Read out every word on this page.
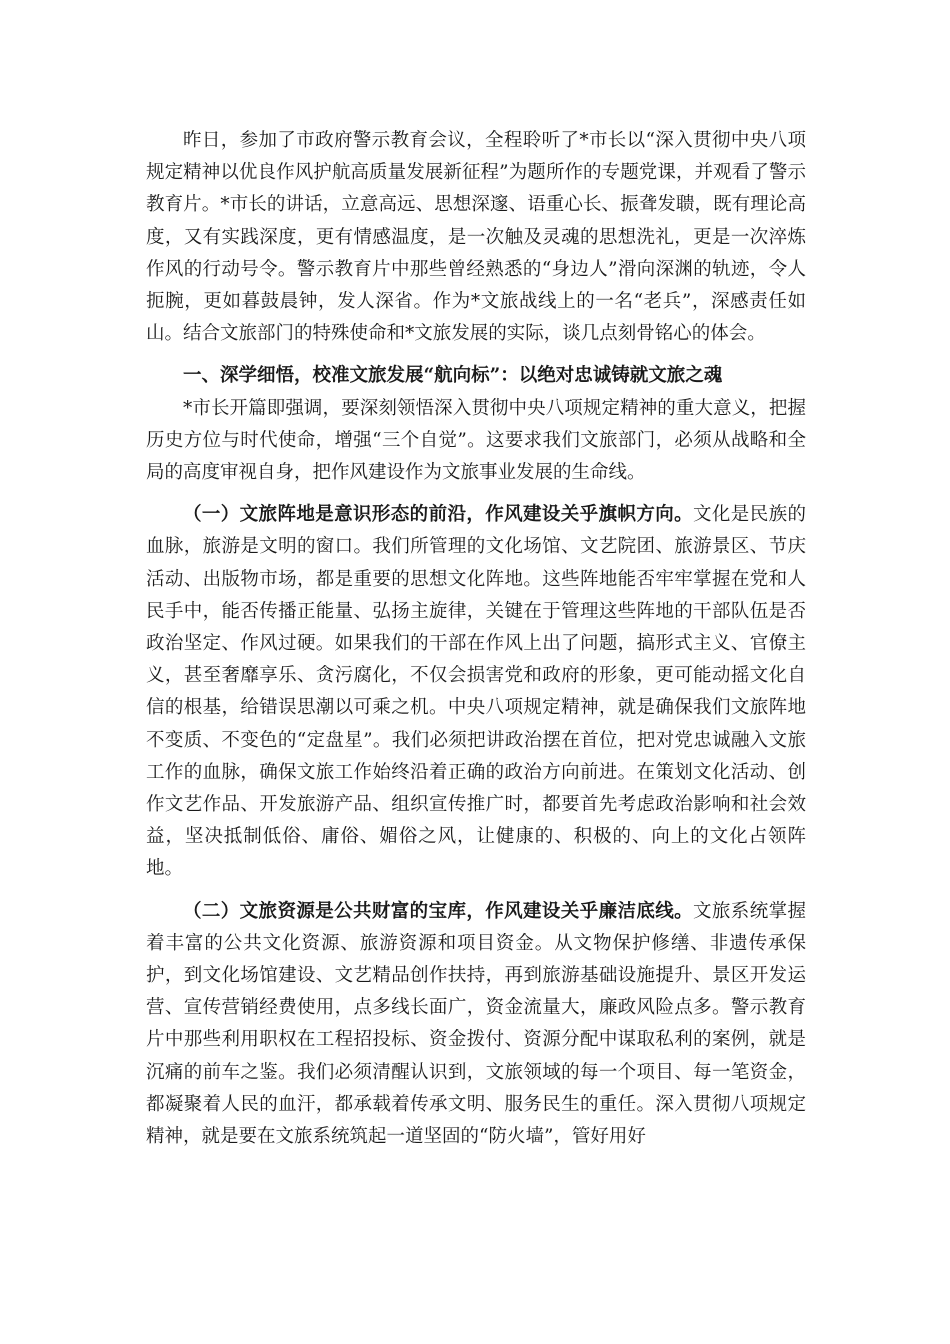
昨日，参加了市政府警示教育会议，全程聆听了*市长以“深入贯彻中央八项规定精神以优良作风护航高质量发展新征程”为题所作的专题党课，并观看了警示教育片。*市长的讲话，立意高远、思想深邃、语重心长、振聋发聩，既有理论高度，又有实践深度，更有情感温度，是一次触及灵魂的思想洗礼，更是一次淬炼作风的行动号令。警示教育片中那些曾经熟悉的“身边人”滑向深渊的轨迹，令人扼腕，更如暮鼓晨钟，发人深省。作为*文旅战线上的一名“老兵”，深感责任如山。结合文旅部门的特殊使命和*文旅发展的实际，谈几点刻骨铭心的体会。

一、深学细悟，校准文旅发展“航向标”：以绝对忠诚铸就文旅之魂

*市长开篇即强调，要深刻领悟深入贯彻中央八项规定精神的重大意义，把握历史方位与时代使命，增强“三个自觉”。这要求我们文旅部门，必须从战略和全局的高度审视自身，把作风建设作为文旅事业发展的生命线。

（一）文旅阵地是意识形态的前沿，作风建设关乎旗帜方向。文化是民族的血脉，旅游是文明的窗口。我们所管理的文化场馆、文艺院团、旅游景区、节庆活动、出版物市场，都是重要的思想文化阵地。这些阵地能否牢牢掌握在党和人民手中，能否传播正能量、弘扬主旋律，关键在于管理这些阵地的干部队伍是否政治坚定、作风过硬。如果我们的干部在作风上出了问题，搞形式主义、官僚主义，甚至奢靡享乐、贪污腐化，不仅会损害党和政府的形象，更可能动摇文化自信的根基，给错误思潮以可乘之机。中央八项规定精神，就是确保我们文旅阵地不变质、不变色的“定盘星”。我们必须把讲政治摆在首位，把对党忠诚融入文旅工作的血脉，确保文旅工作始终沿着正确的政治方向前进。在策划文化活动、创作文艺作品、开发旅游产品、组织宣传推广时，都要首先考虑政治影响和社会效益，坚决抵制低俗、庸俗、媚俗之风，让健康的、积极的、向上的文化占领阵地。

（二）文旅资源是公共财富的宝库，作风建设关乎廉洁底线。文旅系统掌握着丰富的公共文化资源、旅游资源和项目资金。从文物保护修缮、非遗传承保护，到文化场馆建设、文艺精品创作扶持，再到旅游基础设施提升、景区开发运营、宣传营销经费使用，点多线长面广，资金流量大，廉政风险点多。警示教育片中那些利用职权在工程招投标、资金拨付、资源分配中谋取私利的案例，就是沉痛的前车之鉴。我们必须清醒认识到，文旅领域的每一个项目、每一笔资金，都凝聚着人民的血汗，都承载着传承文明、服务民生的重任。深入贯彻八项规定精神，就是要在文旅系统筑起一道坚固的“防火墙”，管好用好
